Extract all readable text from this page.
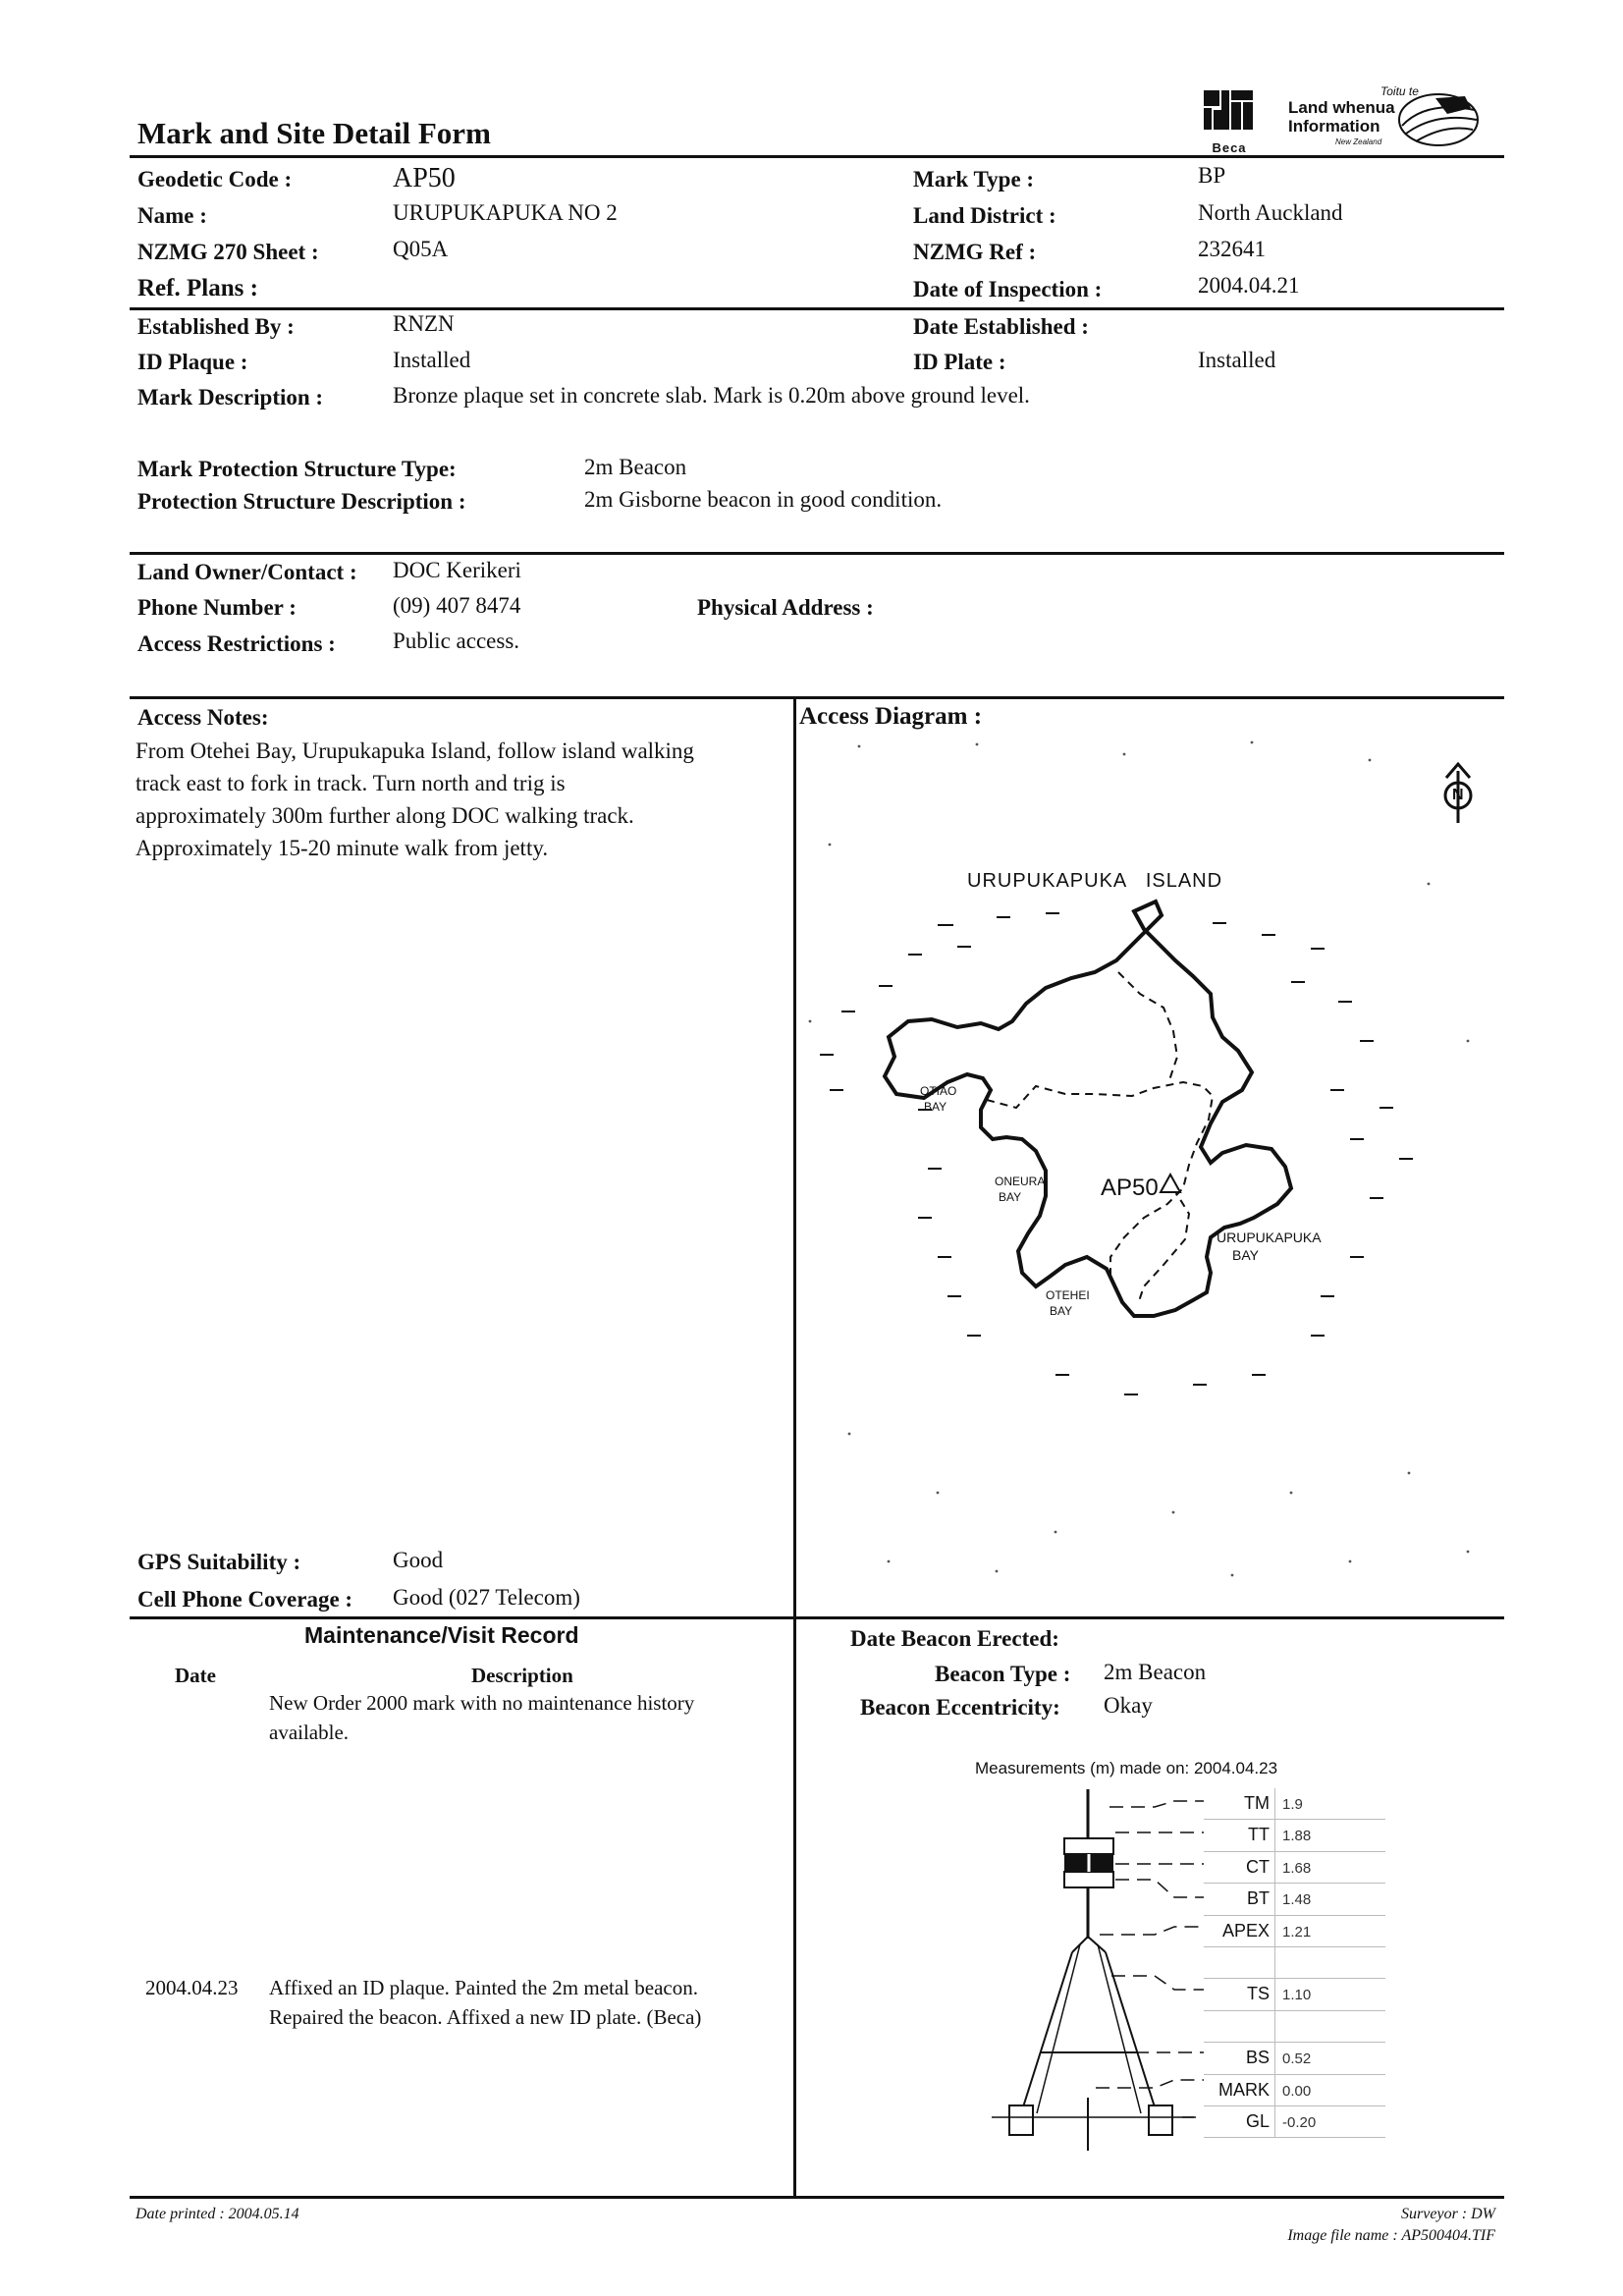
Mark and Site Detail Form	Beca
Toitu te
Land whenua
Information
New Zealand
Geodetic Code :	AP50	Mark Type :	BP
Name :	URUPUKAPUKA NO 2	Land District :	North Auckland
NZMG 270 Sheet :	Q05A	NZMG Ref :	232641
Ref. Plans :	Date of Inspection :	2004.04.21
Established By :	RNZN	Date Established :
ID Plaque :	Installed	ID Plate :	Installed
Mark Description :	Bronze plaque set in concrete slab. Mark is 0.20m above ground level.
Mark Protection Structure Type:	2m Beacon
Protection Structure Description :	2m Gisborne beacon in good condition.
Land Owner/Contact : DOC Kerikeri
Phone Number :	(09) 407 8474	Physical Address :
Access Restrictions :	Public access.
Access Notes:
From Otehei Bay, Urupukapuka Island, follow island walking
track east to fork in track. Turn north and trig is
approximately 300m further along DOC walking track.
Approximately 15-20 minute walk from jetty.
Access Diagram :
URUPUKAPUKA   ISLAND
OTIAO
BAY
ONEURA
BAY	AP50
OTEHEI
BAY
URUPUKAPUKA
BAY
N
GPS Suitability :	Good
Cell Phone Coverage : Good (027 Telecom)
Maintenance/Visit Record
Date	Description
New Order 2000 mark with no maintenance history
available.
2004.04.23 Affixed an ID plaque. Painted the 2m metal beacon.
Repaired the beacon. Affixed a new ID plate. (Beca)
Date Beacon Erected:
Beacon Type : 2m Beacon
Beacon Eccentricity: Okay
Measurements (m) made on: 2004.04.23
TM 1.9
TT 1.88
CT 1.68
BT 1.48
APEX 1.21
TS 1.10
BS 0.52
MARK 0.00
GL -0.20
Date printed : 2004.05.14	Surveyor : DW
Image file name : AP500404.TIF
